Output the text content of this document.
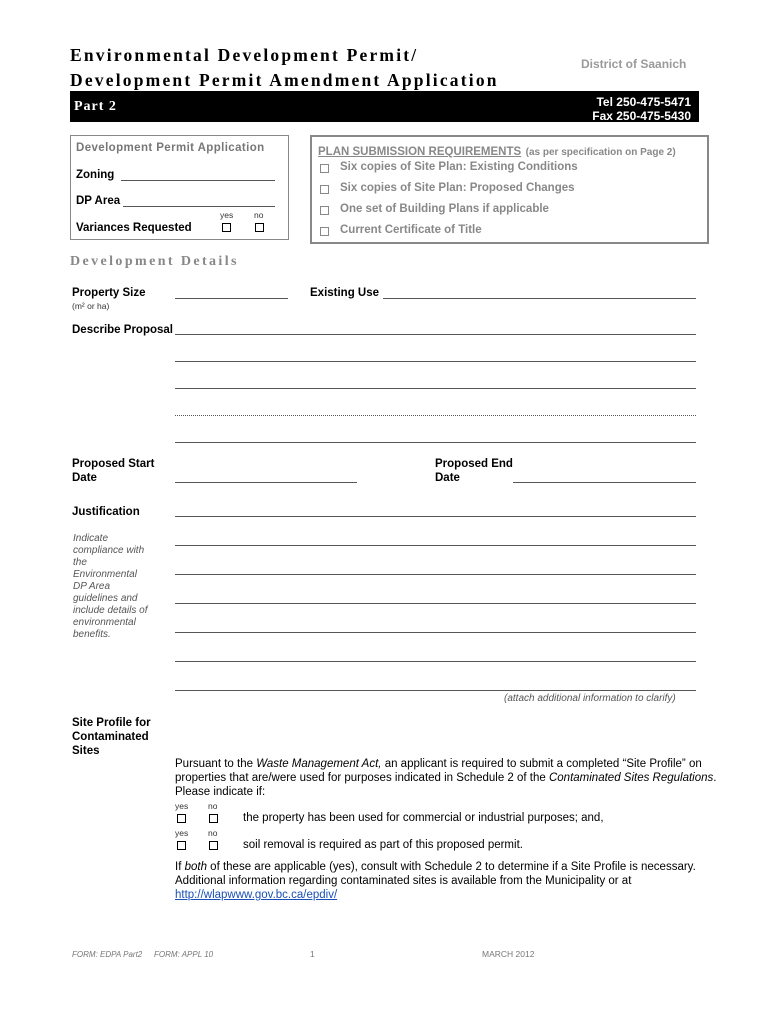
Environmental Development Permit/
Development Permit Amendment Application
District of Saanich
Part 2	Tel 250-475-5471
Fax 250-475-5430
Development Permit Application
Zoning
DP Area
yes no
Variances Requested
PLAN SUBMISSION REQUIREMENTS (as per specification on Page 2)
Six copies of Site Plan: Existing Conditions
Six copies of Site Plan: Proposed Changes
One set of Building Plans if applicable
Current Certificate of Title
Development Details
Property Size
(m² or ha)
Existing Use
Describe Proposal
Proposed Start
Date
Proposed End
Date
Justification
Indicate compliance with the Environmental DP Area guidelines and include details of environmental benefits.
(attach additional information to clarify)
Site Profile for
Contaminated
Sites
Pursuant to the Waste Management Act, an applicant is required to submit a completed “Site Profile” on
properties that are/were used for purposes indicated in Schedule 2 of the Contaminated Sites Regulations.
Please indicate if:
yes no
the property has been used for commercial or industrial purposes; and,
yes no
soil removal is required as part of this proposed permit.
If both of these are applicable (yes), consult with Schedule 2 to determine if a Site Profile is necessary.
Additional information regarding contaminated sites is available from the Municipality or at
http://wlapwww.gov.bc.ca/epdiv/
FORM: EDPA Part2 FORM: APPL 10	1	MARCH 2012
